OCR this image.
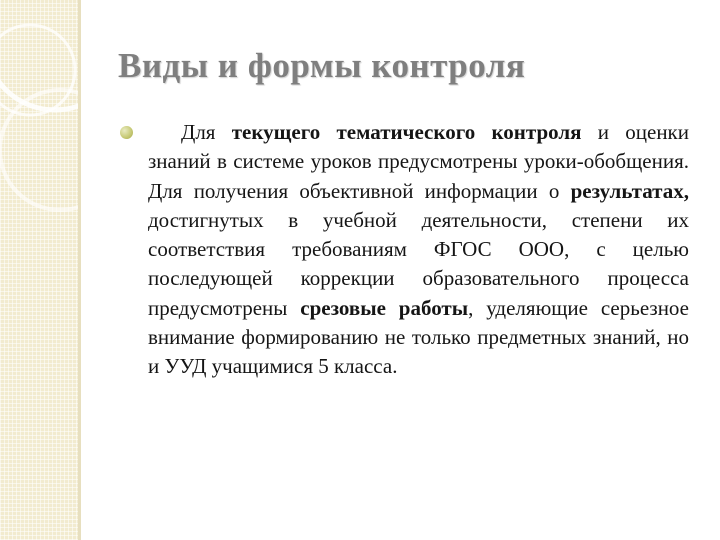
Виды и формы контроля
Для текущего тематического контроля и оценки знаний в системе уроков предусмотрены уроки-обобщения. Для получения объективной информации о результатах, достигнутых в учебной деятельности, степени их соответствия требованиям ФГОС ООО, с целью последующей коррекции образовательного процесса предусмотрены срезовые работы, уделяющие серьезное внимание формированию не только предметных знаний, но и УУД учащимися 5 класса.
